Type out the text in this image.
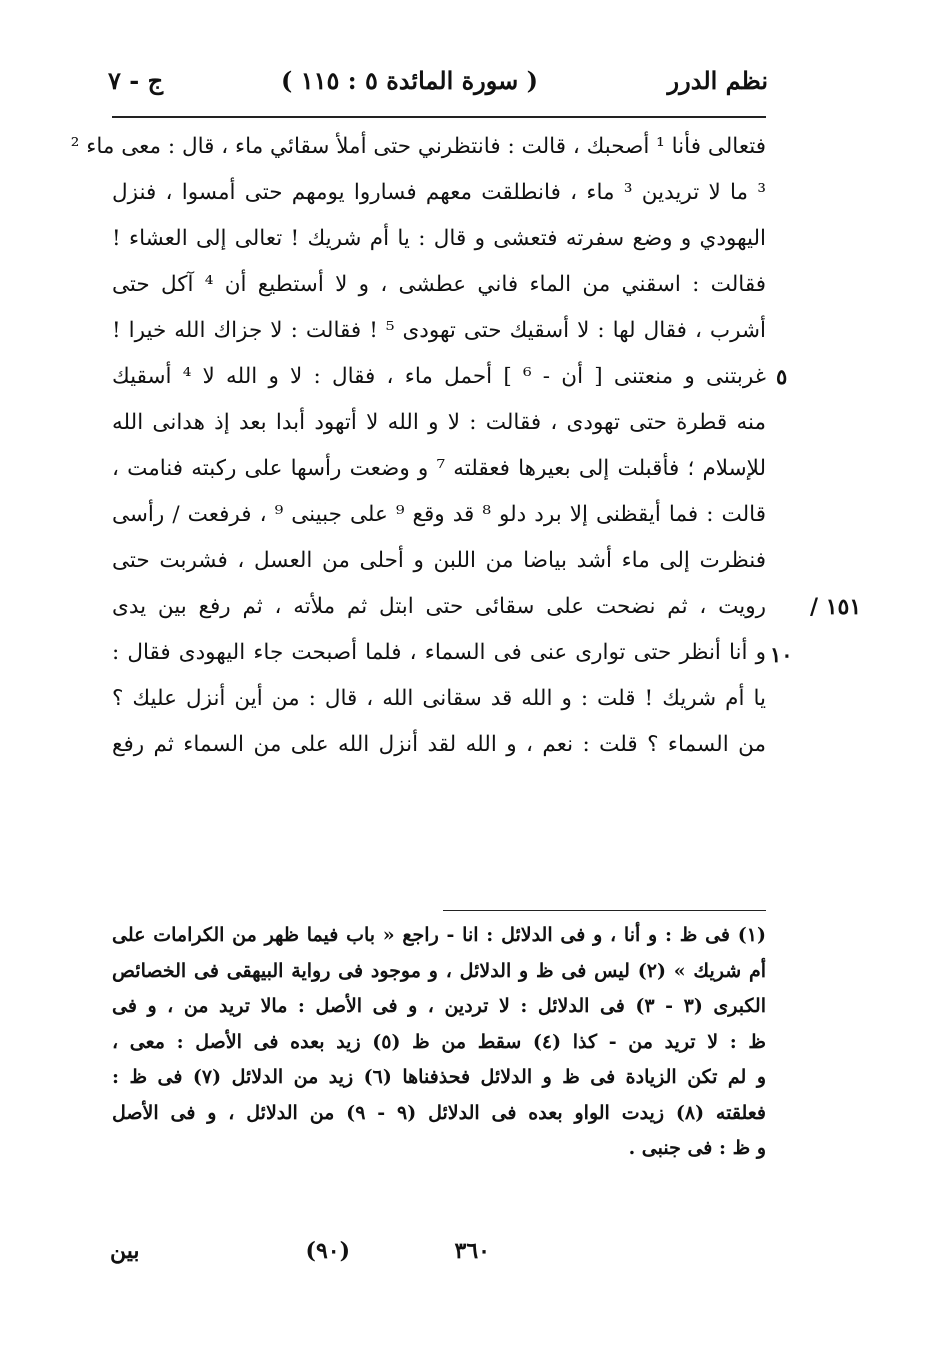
نظم الدرر
( سورة المائدة ٥ : ١١٥ )
ج - ٧
فتعالى فأنا ¹ أصحبك ، قالت : فانتظرني حتى أملأ سقائي ماء ، قال : معى ماء ²
³ ما لا تريدين ³ ماء ، فانطلقت معهم فساروا يومهم حتى أمسوا ، فنزل
اليهودي و وضع سفرته فتعشى و قال : يا أم شريك ! تعالى إلى العشاء !
فقالت : اسقني من الماء فاني عطشى ، و لا أستطيع أن ⁴ آكل حتى
أشرب ، فقال لها : لا أسقيك حتى تهودى ⁵ ! فقالت : لا جزاك الله خيرا !
غربتنى و منعتنى [ أن - ⁶ ] أحمل ماء ، فقال : لا و الله لا ⁴ أسقيك
منه قطرة حتى تهودى ، فقالت : لا و الله لا أتهود أبدا بعد إذ هدانى الله
للإسلام ؛ فأقبلت إلى بعيرها فعقلته ⁷ و وضعت رأسها على ركبته فنامت ،
قالت : فما أيقظنى إلا برد دلو ⁸ قد وقع ⁹ على جبينى ⁹ ، فرفعت / رأسى
فنظرت إلى ماء أشد بياضا من اللبن و أحلى من العسل ، فشربت حتى
رويت ، ثم نضحت على سقائى حتى ابتل ثم ملأته ، ثم رفع بين يدى
و أنا أنظر حتى توارى عنى فى السماء ، فلما أصبحت جاء اليهودى فقال :
يا أم شريك ! قلت : و الله قد سقانى الله ، قال : من أين أنزل عليك ؟
من السماء ؟ قلت : نعم ، و الله لقد أنزل الله على من السماء ثم رفع
٥
١٠
١٥١ /
(١) فى ظ : و أنا ، و فى الدلائل : انا - راجع « باب فيما ظهر من الكرامات على
أم شريك » (٢) ليس فى ظ و الدلائل ، و موجود فى رواية البيهقى فى الخصائص
الكبرى (٣ - ٣) فى الدلائل : لا تردين ، و فى الأصل : مالا تريد من ، و فى
ظ : لا تريد من - كذا (٤) سقط من ظ (٥) زيد بعده فى الأصل : معى ،
و لم تكن الزيادة فى ظ و الدلائل فحذفناها (٦) زيد من الدلائل (٧) فى ظ :
فعلقته (٨) زيدت الواو بعده فى الدلائل (٩ - ٩) من الدلائل ، و فى الأصل
و ظ : فى جنبى .
٣٦٠
(٩٠)
بين
